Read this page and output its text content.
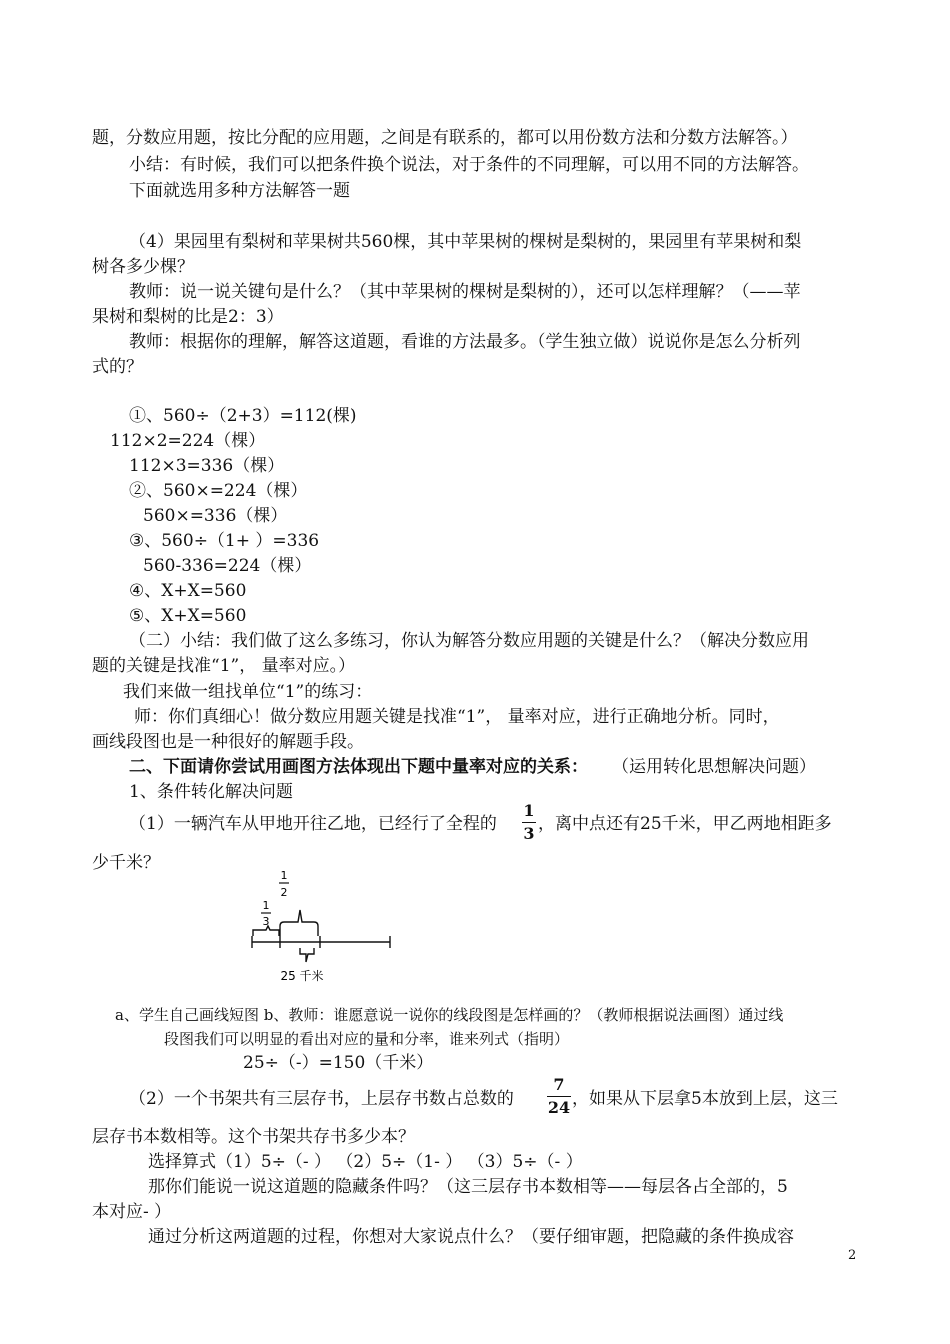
题，分数应用题，按比分配的应用题，之间是有联系的，都可以用份数方法和分数方法解答。）
小结：有时候，我们可以把条件换个说法，对于条件的不同理解，可以用不同的方法解答。
下面就选用多种方法解答一题
（4）果园里有梨树和苹果树共560棵，其中苹果树的棵树是梨树的，果园里有苹果树和梨
树各多少棵？
教师：说一说关键句是什么？（其中苹果树的棵树是梨树的），还可以怎样理解？（——苹
果树和梨树的比是2：3）
教师：根据你的理解，解答这道题，看谁的方法最多。（学生独立做）说说你是怎么分析列
式的？
①、560÷（2+3）=112(棵)
112×2=224（棵）
112×3=336（棵）
②、560×=224（棵）
560×=336（棵）
③、560÷（1+ ）=336
560-336=224（棵）
④、X+X=560
⑤、X+X=560
（二）小结：我们做了这么多练习，你认为解答分数应用题的关键是什么？（解决分数应用
题的关键是找准“1”， 量率对应。）
我们来做一组找单位“1”的练习：
师：你们真细心！做分数应用题关键是找准“1”， 量率对应，进行正确地分析。同时，
画线段图也是一种很好的解题手段。
二、下面请你尝试用画图方法体现出下题中量率对应的关系： （运用转化思想解决问题）
1、条件转化解决问题
（1）一辆汽车从甲地开往乙地，已经行了全程的
1
3 ，离中点还有25千米，甲乙两地相距多
少千米？
1
2
1
3
25 千米
a、学生自己画线短图 b、教师：谁愿意说一说你的线段图是怎样画的？（教师根据说法画图）通过线
段图我们可以明显的看出对应的量和分率，谁来列式（指明）
25÷（-）=150（千米）
（2）一个书架共有三层存书，上层存书数占总数的
7
24 ，如果从下层拿5本放到上层，这三
层存书本数相等。这个书架共存书多少本？
选择算式（1）5÷（- ） （2）5÷（1- ） （3）5÷（- ）
那你们能说一说这道题的隐藏条件吗？（这三层存书本数相等——每层各占全部的，5
本对应- ）
通过分析这两道题的过程，你想对大家说点什么？（要仔细审题，把隐藏的条件换成容
2
